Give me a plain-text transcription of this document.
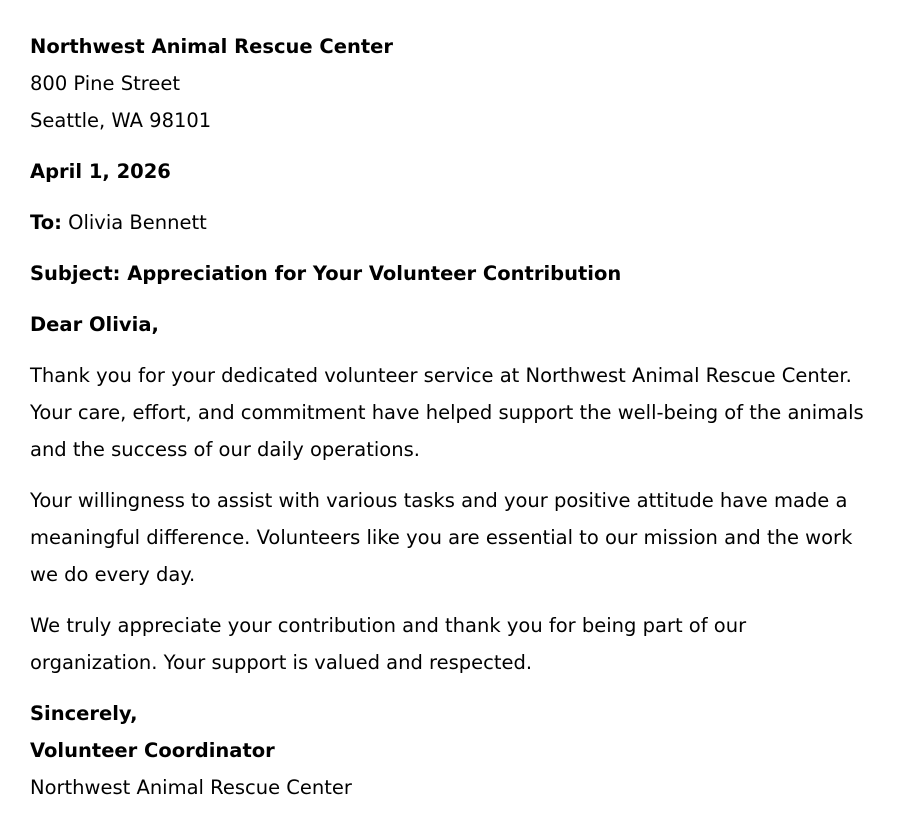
Northwest Animal Rescue Center
800 Pine Street
Seattle, WA 98101
April 1, 2026
To: Olivia Bennett
Subject: Appreciation for Your Volunteer Contribution
Dear Olivia,

Thank you for your dedicated volunteer service at Northwest Animal Rescue Center. Your care, effort, and commitment have helped support the well-being of the animals and the success of our daily operations.

Your willingness to assist with various tasks and your positive attitude have made a meaningful difference. Volunteers like you are essential to our mission and the work we do every day.

We truly appreciate your contribution and thank you for being part of our organization. Your support is valued and respected.

Sincerely,
Volunteer Coordinator
Northwest Animal Rescue Center
